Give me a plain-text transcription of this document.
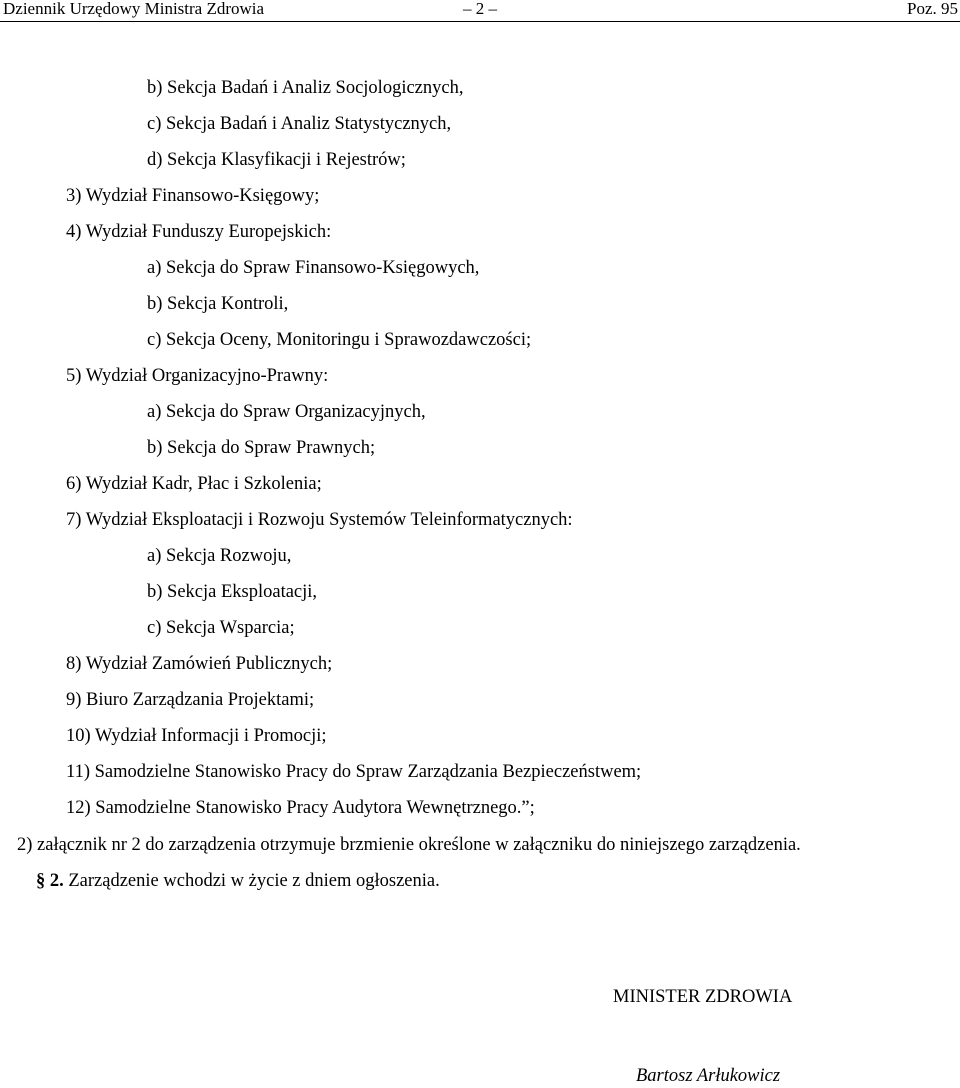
Dziennik Urzędowy Ministra Zdrowia	– 2 –	Poz. 95
b) Sekcja Badań i Analiz Socjologicznych,
c) Sekcja Badań i Analiz Statystycznych,
d) Sekcja Klasyfikacji i Rejestrów;
3) Wydział Finansowo-Księgowy;
4) Wydział Funduszy Europejskich:
a) Sekcja do Spraw Finansowo-Księgowych,
b) Sekcja Kontroli,
c) Sekcja Oceny, Monitoringu i Sprawozdawczości;
5) Wydział Organizacyjno-Prawny:
a) Sekcja do Spraw Organizacyjnych,
b) Sekcja do Spraw Prawnych;
6) Wydział Kadr, Płac i Szkolenia;
7) Wydział Eksploatacji i Rozwoju Systemów Teleinformatycznych:
a) Sekcja Rozwoju,
b) Sekcja Eksploatacji,
c) Sekcja Wsparcia;
8) Wydział Zamówień Publicznych;
9) Biuro Zarządzania Projektami;
10) Wydział Informacji i Promocji;
11) Samodzielne Stanowisko Pracy do Spraw Zarządzania Bezpieczeństwem;
12) Samodzielne Stanowisko Pracy Audytora Wewnętrznego.”;
2) załącznik nr 2 do zarządzenia otrzymuje brzmienie określone w załączniku do niniejszego zarządzenia.
§ 2. Zarządzenie wchodzi w życie z dniem ogłoszenia.
MINISTER ZDROWIA
Bartosz Arłukowicz
